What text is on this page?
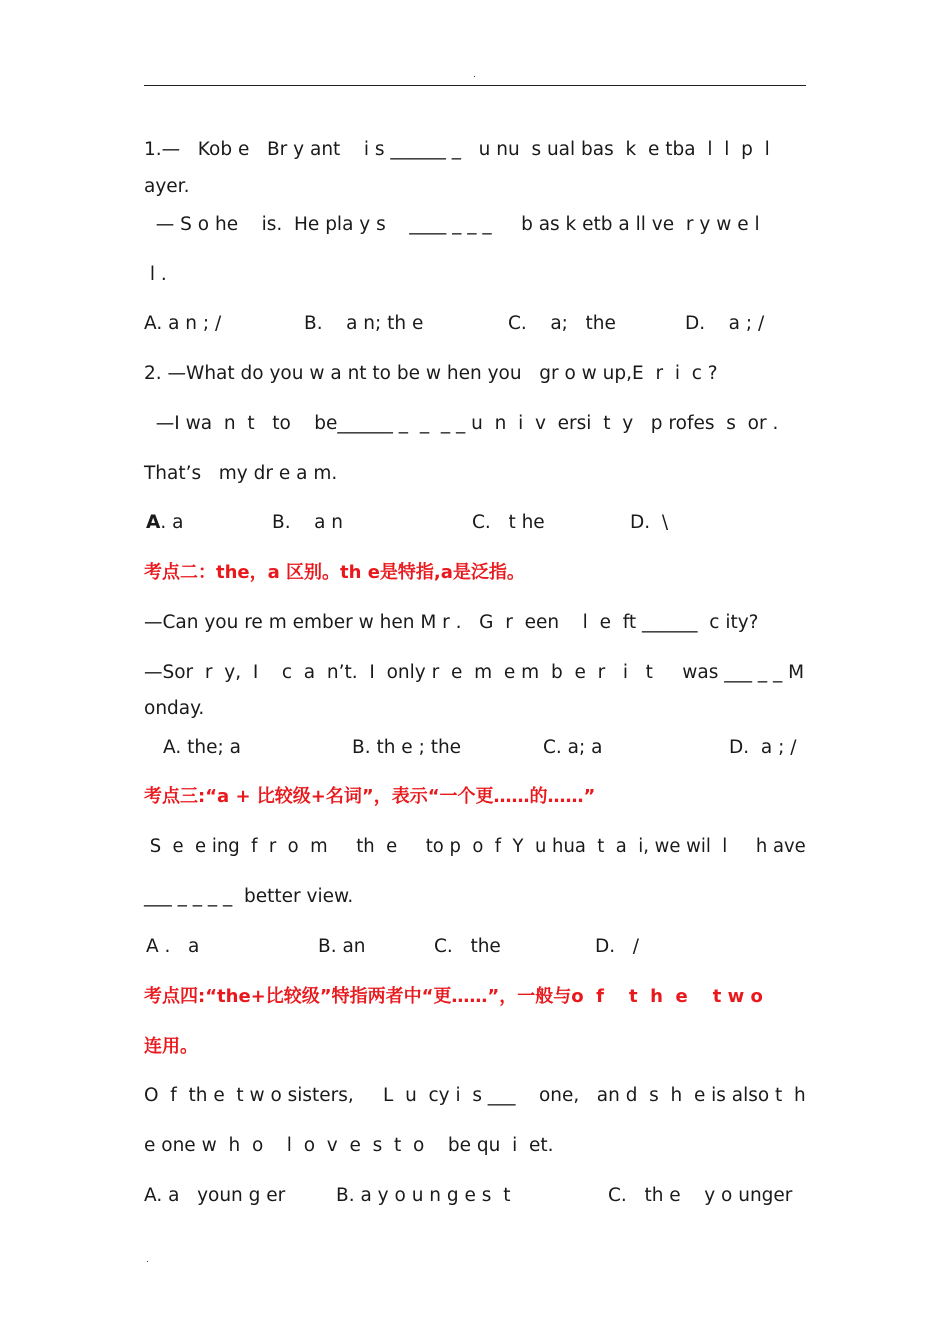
.
1.—   Kob e   Br y ant    i s ______ _   u nu  s ual bas  k  e tba  l  l  p  l
ayer.
— S o he    is.  He pla y s    ____ _ _ _     b as k etb a ll ve  r y w e l
l .
A. a n ; /	B.    a n; th e	C.    a;   the	D.    a ; /
2. —What do you w a nt to be w hen you   gr o w up,E  r  i  c ?
—I wa  n  t   to    be______ _  _  _ _ u  n  i  v  ersi  t  y   p rofes  s  or .
That’s   my dr e a m.
A. a	B.    a n	C.   t he	D.  \
考点二：the，a 区别。th e是特指,a是泛指。
—Can you re m ember w hen M r .   G  r  een    l  e  ft ______  c ity?
—Sor  r  y,  I    c  a  n’t.  I  only r  e  m  e m  b  e  r   i   t     was ___ _ _ M
onday.
A. the; a	B. th e ; the	C. a; a	D.  a ; /
考点三:“a + 比较级+名词”，表示“一个更……的……”
S  e  e ing  f  r  o  m     th  e     to p  o  f  Y  u hua  t  a  i, we wil  l     h ave
___ _ _ _ _  better view.
A .   a	B. an	C.   the	D.   /
考点四:“the+比较级”特指两者中“更……”，一般与o  f    t  h  e    t w o
连用。
O  f  th e  t w o sisters,     L  u  cy i  s ___    one,   an d  s  h  e is also t  h
e one w  h  o    l  o  v  e  s  t  o    be qu  i  et.
A. a   youn g er	B. a y o u n g e s  t	C.   th e    y o unger
.
